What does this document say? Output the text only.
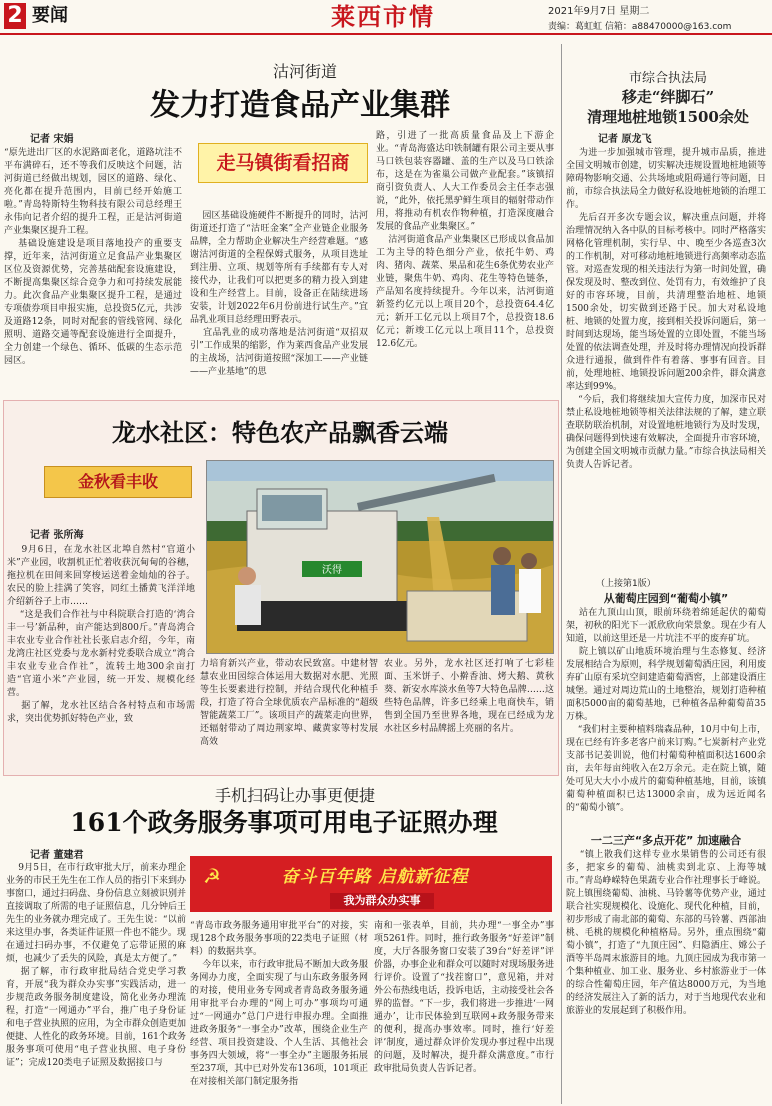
2 要闻	莱西市情	2021年9月7日 星期二
责编：葛虹虹 信箱：a88470000@163.com
沽河街道
发力打造食品产业集群
记者 宋娟

“原先进出厂区的水泥路面老化，道路坑洼不平布满碎石，还不等我们反映这个问题，沽河街道已经做出规划，园区的道路、绿化、亮化都在提升范围内，目前已经开始施工啦。”青岛特斯特生物科技有限公司总经理王永伟向记者介绍的提升工程，正是沽河街道产业集聚区提升工程。
基础设施建设是项目落地投产的重要支撑，近年来，沽河街道立足食品产业集聚区区位及资源优势，完善基础配套设施建设，不断提高集聚区综合竞争力和可持续发展能力。此次食品产业集聚区提升工程，是通过专项债券项目申报实施，总投资5亿元，共涉及道路12条，同时对配套的管线管网、绿化照明、道路交通等配套设施进行全面提升，全力创建一个绿色、循环、低碳的生态示范园区。

走马镇街看招商

园区基础设施硬件不断提升的同时，沽河街道还打造了“沽旺金案”全产业链企业服务品牌，全力帮助企业解决生产经营难题。“感谢沽河街道的全程保姆式服务，从项目选址到注册、立项、规划等所有手续都有专人对接代办，让我们可以把更多的精力投入到建设和生产经营上。目前，设备正在陆续进场安装，计划2022年6月份前进行试生产。”宜品乳业项目总经理田野表示。
宜品乳业的成功落地是沽河街道“双招双引”工作成果的缩影，作为莱西食品产业发展的主战场，沽河街道按照“深加工——产业链——产业基地”的思

路，引进了一批高质量食品及上下游企业。“青岛海盛达印铁制罐有限公司主要从事马口铁包装容器罐、盖的生产以及马口铁涂布，这是在为雀巢公司做产业配套。”该镇招商引资负责人、人大工作委员会主任李志强说，“此外，依托黑驴鲜生项目的辐射带动作用，将推动有机农作物种植，打造深度融合发展的食品产业集聚区。”
沽河街道食品产业集聚区已形成以食品加工为主导的特色细分产业，依托牛奶、鸡肉、猪肉、蔬菜、果品和花生6条优势农业产业链，聚焦牛奶、鸡肉、花生等特色链条，产品知名度持续提升。今年以来，沽河街道新签约亿元以上项目20个，总投资64.4亿元；新开工亿元以上项目7个，总投资18.6亿元；新竣工亿元以上项目11个，总投资12.6亿元。

市综合执法局
移走“绊脚石”
清理地桩地锁1500余处
记者 原龙飞

为进一步加强城市管理，提升城市品质，推进全国文明城市创建，切实解决违规设置地桩地锁等障碍物影响交通、公共场地或阻碍通行等问题，日前，市综合执法局全力做好私设地桩地锁的治理工作。
先后召开多次专题会议，解决重点问题，并将治理情况纳入各中队的目标考核中。同时严格落实网格化管理机制，实行早、中、晚至少各巡查3次的工作机制，对可移动地桩地锁进行高频率动态监管。对巡查发现的相关违法行为第一时间处置，确保发现及时、整改到位、处罚有力，有效维护了良好的市容环境，目前，共清理整治地桩、地锁1500余处，切实做到还路于民。加大对私设地桩、地锁的处置力度，接到相关投诉问题后，第一时间到达现场，能当场处置的立即处置，不能当场处置的依法调查处理，并及时将办理情况向投诉群众进行通报，做到件件有着落、事事有回音。目前，处理地桩、地锁投诉问题200余件，群众满意率达到99%。
“今后，我们将继续加大宣传力度，加深市民对禁止私设地桩地锁等相关法律法规的了解，建立联查联防联治机制，对设置地桩地锁行为及时发现，确保问题得到快速有效解决，全面提升市容环境，为创建全国文明城市贡献力量。”市综合执法局相关负责人告诉记者。

（上接第1版）
从葡萄庄园到“葡萄小镇”

站在九顶山山顶，眼前环绕着绵延起伏的葡萄架，初秋的阳光下一派欣欣向荣景象。现在少有人知道，以前这里还是一片坑洼不平的废弃矿坑。
院上镇以矿山地质环境治理与生态修复、经济发展相结合为原则，科学规划葡萄酒庄园，利用废弃矿山原有采坑空间建造葡萄酒窖，上部建设酒庄城堡。通过对周边荒山的土地整治，规划打造种植面积5000亩的葡萄基地，已种植各品种葡萄苗35万株。
“我们村主要种植料瑞森品种，10月中旬上市，现在已经有许多老客户前来订购。”七炭新村产业党支部书记姜训说，他们村葡萄种植面积达1600余亩，去年每亩纯收入在2万余元。走在院上镇，随处可见大大小小成片的葡萄种植基地，目前，该镇葡萄种植面积已达13000余亩，成为远近闻名的“葡萄小镇”。

一二三产“多点开花” 加速融合

“镇上散我们这样专业水果销售的公司还有很多，把家乡的葡萄、油桃卖到北京、上海等城市。”青岛峥嵘特色果蔬专业合作社理事长于峰说。院上镇围绕葡萄、油桃、马铃薯等优势产业，通过联合社实现规模化、设施化、现代化种植，目前，初步形成了南北部的葡萄、东部的马铃薯、西部油桃、毛桃的规模化种植格局。另外，重点围绕“葡萄小镇”，打造了“九顶庄园”、归隐酒庄、嫦公子酒等半岛周末旅游目的地。九顶庄园成为我市第一个集种植业、加工业、服务业、乡村旅游业于一体的综合性葡萄庄园，年产值达8000万元，为当地的经济发展注入了新的活力，对于当地现代农业和旅游业的发展起到了积极作用。

龙水社区：特色农产品飘香云端
金秋看丰收
记者 张所海

9月6日，在龙水社区北埠自然村“官道小米”产业园，收割机正忙着收获沉甸甸的谷穗，拖拉机在田间来回穿梭运送着金灿灿的谷子。农民的脸上挂满了笑容，同红土播黄飞洋洋地介绍新谷子上市……
“这是我们合作社与中科院联合打造的‘湾合丰一号’新品种，亩产能达到800斤。”青岛湾合丰农业专业合作社社长张启志介绍，今年，南龙湾庄社区党委与龙水新村党委联合成立“湾合丰农业专业合作社”，流转土地300余亩打造“官道小米”产业园，统一开发、规模化经营。
据了解，龙水社区结合各村特点和市场需求，突出优势抓好特色产业，致

力培育新兴产业，带动农民致富。中建材智慧农业田园综合体运用大数据对水肥、光照等生长要素进行控制，并结合现代化种植手段，打造了符合全球优质农产品标准的“超级智能蔬菜工厂”。该项目产的蔬菜走向世界，还辐射带动了周边荆家埠、藏黄家等村发展高效

农业。另外，龙水社区还打响了七彩桂面、玉米饼子、小擀香油、烤大鹅、黄秋葵、新安水库淡水鱼等7大特色品牌……这些特色品牌，许多已经乘上电商快车，销售到全国乃至世界各地，现在已经成为龙水社区乡村品牌摇上亮丽的名片。

沃得
手机扫码让办事更便捷
161个政务服务事项可用电子证照办理
记者 董建君

9月5日，在市行政审批大厅，前来办理企业务的市民王先生在工作人员的指引下来到办事窗口，通过扫码盘、身份信息立刻被识别并直接调取了所需的电子证照信息，几分钟后王先生的业务就办理完成了。王先生说：“以前来这里办事，各类证件证照一件也不能少。现在通过扫码办事，不仅避免了忘带证照的麻烦，也减少了丢失的风险，真是太方便了。”
据了解，市行政审批局结合党史学习教育，开展“我为群众办实事”实践活动，进一步规范政务服务制度建设，简化业务办理流程，打造“一网通办”平台，推广电子身份证和电子营业执照的应用，为全市群众创造更加便捷、人性化的政务环境。目前，161个政务服务事项可使用“电子营业执照、电子身份证”；完成120类电子证照及数据接口与

☭	奋斗百年路 启航新征程
我为群众办实事

“青岛市政务服务通用审批平台”的对接，实现128个政务服务事项的22类电子证照（材料）的数据共享。
今年以来，市行政审批局不断加大政务服务网办力度，全面实现了与山东政务服务网的对接，使用业务专网或者青岛政务服务通用审批平台办理的“网上可办”事项均可通过“一网通办”总门户进行申报办理。全面推进政务服务“一事全办”改革，围绕企业生产经营、项目投资建设、个人生活、其他社会事务四大领域，将“一事全办”主题服务拓展至237项，其中已对外发布136项，101项正在对接相关部门制定服务指

南和一张表单，目前，共办理“一事全办”事项5261件。同时，推行政务服务“好差评”制度，大厅各服务窗口安装了39台“好差评”评价器，办事企业和群众可以随时对现场服务进行评价。设置了“找茬窗口”，意见箱，并对外公布热线电话，投诉电话，主动接受社会各界的监督。“下一步，我们将进一步推进‘一网通办’，让市民体验到互联网+政务服务带来的便利，提高办事效率。同时，推行‘好差评’制度，通过群众评价发现办事过程中出现的问题，及时解决，提升群众满意度。”市行政审批局负责人告诉记者。
